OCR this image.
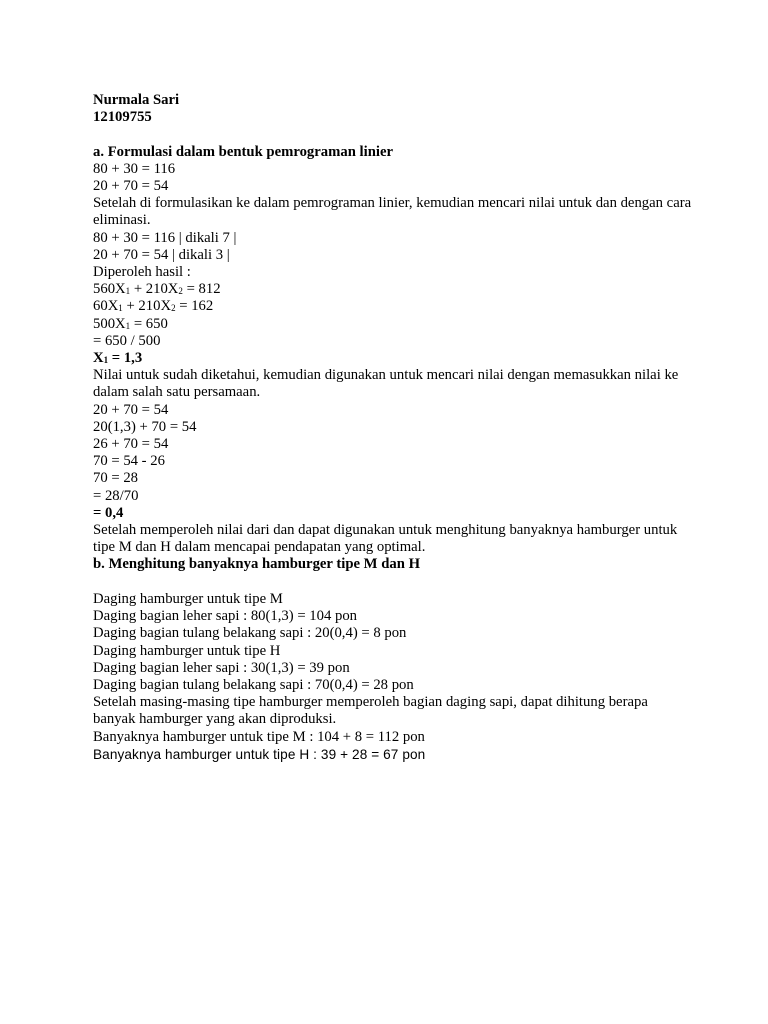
Nurmala Sari
12109755

a. Formulasi dalam bentuk pemrograman linier
80 + 30 = 116
20 + 70 = 54
Setelah di formulasikan ke dalam pemrograman linier, kemudian mencari nilai untuk dan dengan cara eliminasi.
80 + 30 = 116 | dikali 7 |
20 + 70 = 54 | dikali 3 |
Diperoleh hasil :
$560X_1 + 210X_2 = 812$
$60X_1 + 210X_2 = 162$
$500X_1 = 650$
= 650 / 500
$X_1 = 1,3$
Nilai untuk sudah diketahui, kemudian digunakan untuk mencari nilai dengan memasukkan nilai ke dalam salah satu persamaan.
20 + 70 = 54
20(1,3) + 70 = 54
26 + 70 = 54
70 = 54 - 26
70 = 28
= 28/70
= 0,4
Setelah memperoleh nilai dari dan dapat digunakan untuk menghitung banyaknya hamburger untuk tipe M dan H dalam mencapai pendapatan yang optimal.
b. Menghitung banyaknya hamburger tipe M dan H

Daging hamburger untuk tipe M
Daging bagian leher sapi : 80(1,3) = 104 pon
Daging bagian tulang belakang sapi : 20(0,4) = 8 pon
Daging hamburger untuk tipe H
Daging bagian leher sapi : 30(1,3) = 39 pon
Daging bagian tulang belakang sapi : 70(0,4) = 28 pon
Setelah masing-masing tipe hamburger memperoleh bagian daging sapi, dapat dihitung berapa banyak hamburger yang akan diproduksi.
Banyaknya hamburger untuk tipe M : 104 + 8 = 112 pon
Banyaknya hamburger untuk tipe H : 39 + 28 = 67 pon
